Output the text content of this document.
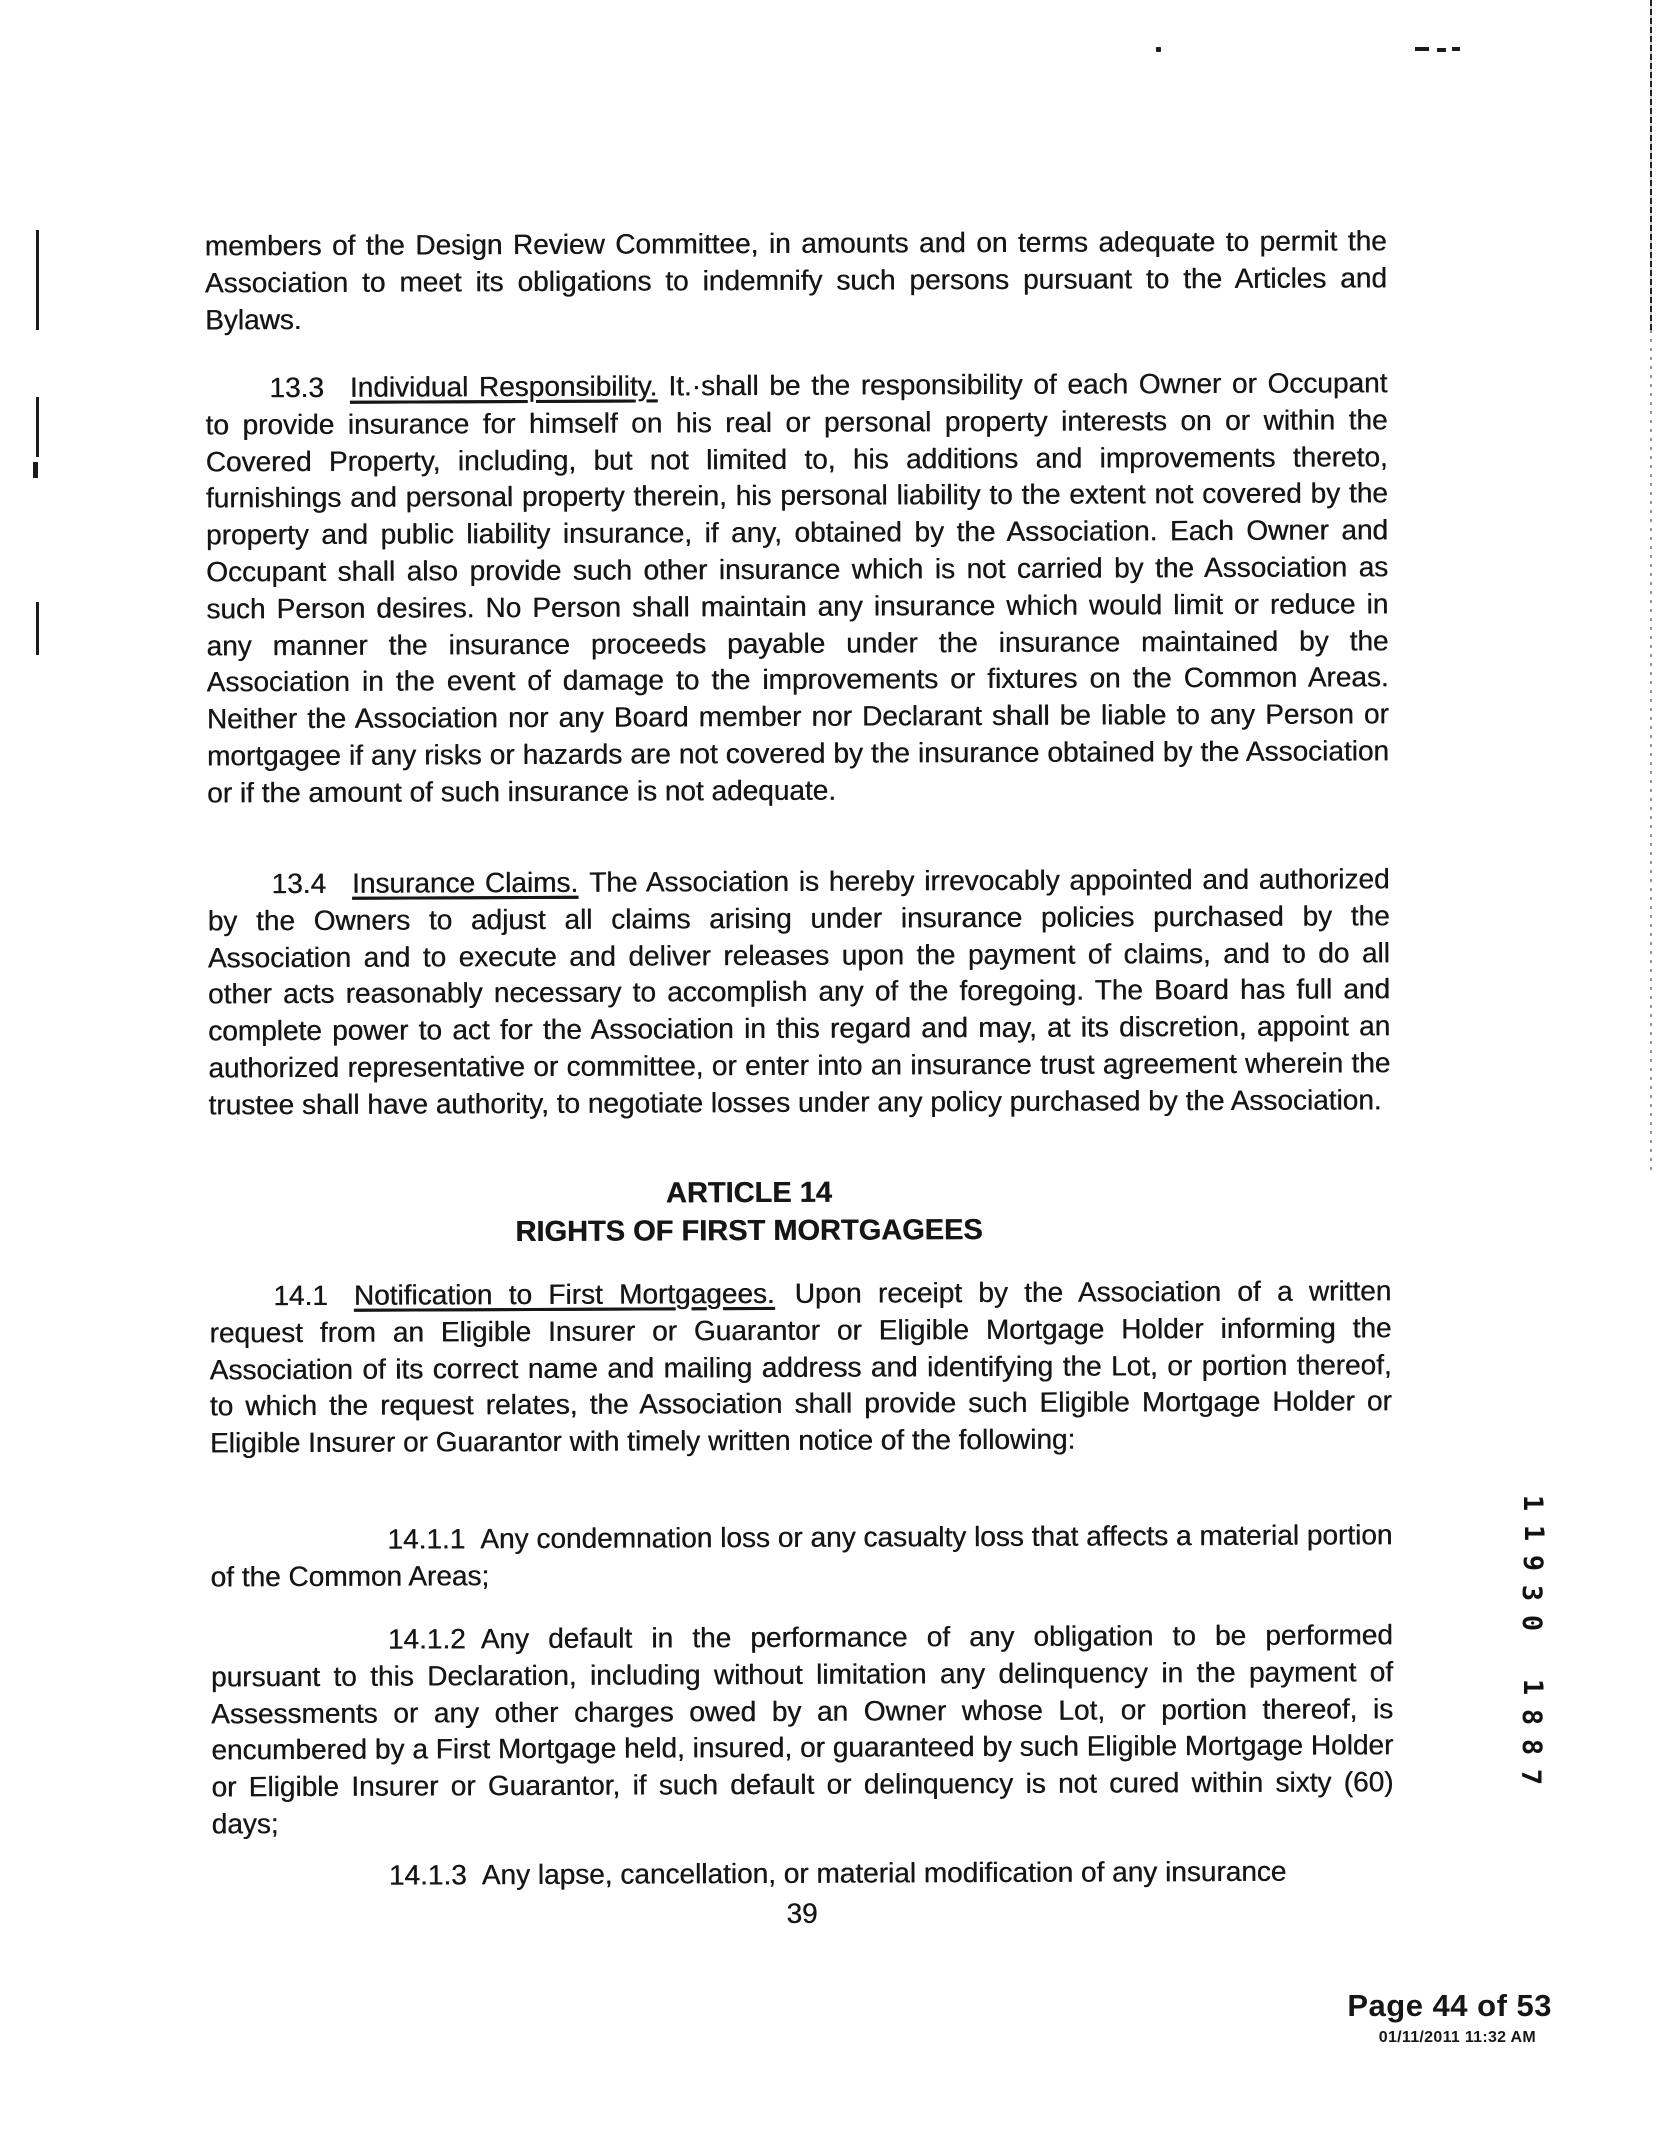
members of the Design Review Committee, in amounts and on terms adequate to permit the Association to meet its obligations to indemnify such persons pursuant to the Articles and Bylaws.

13.3 Individual Responsibility. It.·shall be the responsibility of each Owner or Occupant to provide insurance for himself on his real or personal property interests on or within the Covered Property, including, but not limited to, his additions and improvements thereto, furnishings and personal property therein, his personal liability to the extent not covered by the property and public liability insurance, if any, obtained by the Association. Each Owner and Occupant shall also provide such other insurance which is not carried by the Association as such Person desires. No Person shall maintain any insurance which would limit or reduce in any manner the insurance proceeds payable under the insurance maintained by the Association in the event of damage to the improvements or fixtures on the Common Areas. Neither the Association nor any Board member nor Declarant shall be liable to any Person or mortgagee if any risks or hazards are not covered by the insurance obtained by the Association or if the amount of such insurance is not adequate.

13.4 Insurance Claims. The Association is hereby irrevocably appointed and authorized by the Owners to adjust all claims arising under insurance policies purchased by the Association and to execute and deliver releases upon the payment of claims, and to do all other acts reasonably necessary to accomplish any of the foregoing. The Board has full and complete power to act for the Association in this regard and may, at its discretion, appoint an authorized representative or committee, or enter into an insurance trust agreement wherein the trustee shall have authority, to negotiate losses under any policy purchased by the Association.

ARTICLE 14
RIGHTS OF FIRST MORTGAGEES

14.1 Notification to First Mortgagees. Upon receipt by the Association of a written request from an Eligible Insurer or Guarantor or Eligible Mortgage Holder informing the Association of its correct name and mailing address and identifying the Lot, or portion thereof, to which the request relates, the Association shall provide such Eligible Mortgage Holder or Eligible Insurer or Guarantor with timely written notice of the following:

14.1.1 Any condemnation loss or any casualty loss that affects a material portion of the Common Areas;

14.1.2 Any default in the performance of any obligation to be performed pursuant to this Declaration, including without limitation any delinquency in the payment of Assessments or any other charges owed by an Owner whose Lot, or portion thereof, is encumbered by a First Mortgage held, insured, or guaranteed by such Eligible Mortgage Holder or Eligible Insurer or Guarantor, if such default or delinquency is not cured within sixty (60) days;

14.1.3 Any lapse, cancellation, or material modification of any insurance

39

1
1
9
3
0
1
8
8
7
Page 44 of 53
01/11/2011 11:32 AM
